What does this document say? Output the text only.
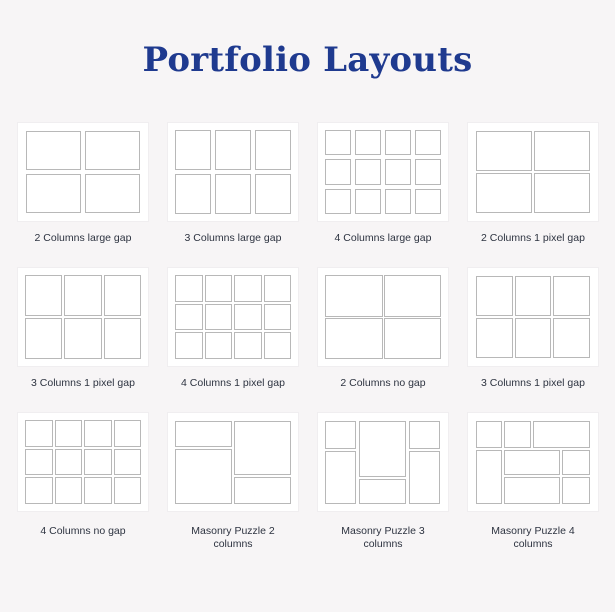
Portfolio Layouts
2 Columns large gap	3 Columns large gap	4 Columns large gap	2 Columns 1 pixel gap
3 Columns 1 pixel gap	4 Columns 1 pixel gap	2 Columns no gap	3 Columns 1 pixel gap
4 Columns no gap	Masonry Puzzle 2 columns
Masonry Puzzle 3 columns
Masonry Puzzle 4 columns
